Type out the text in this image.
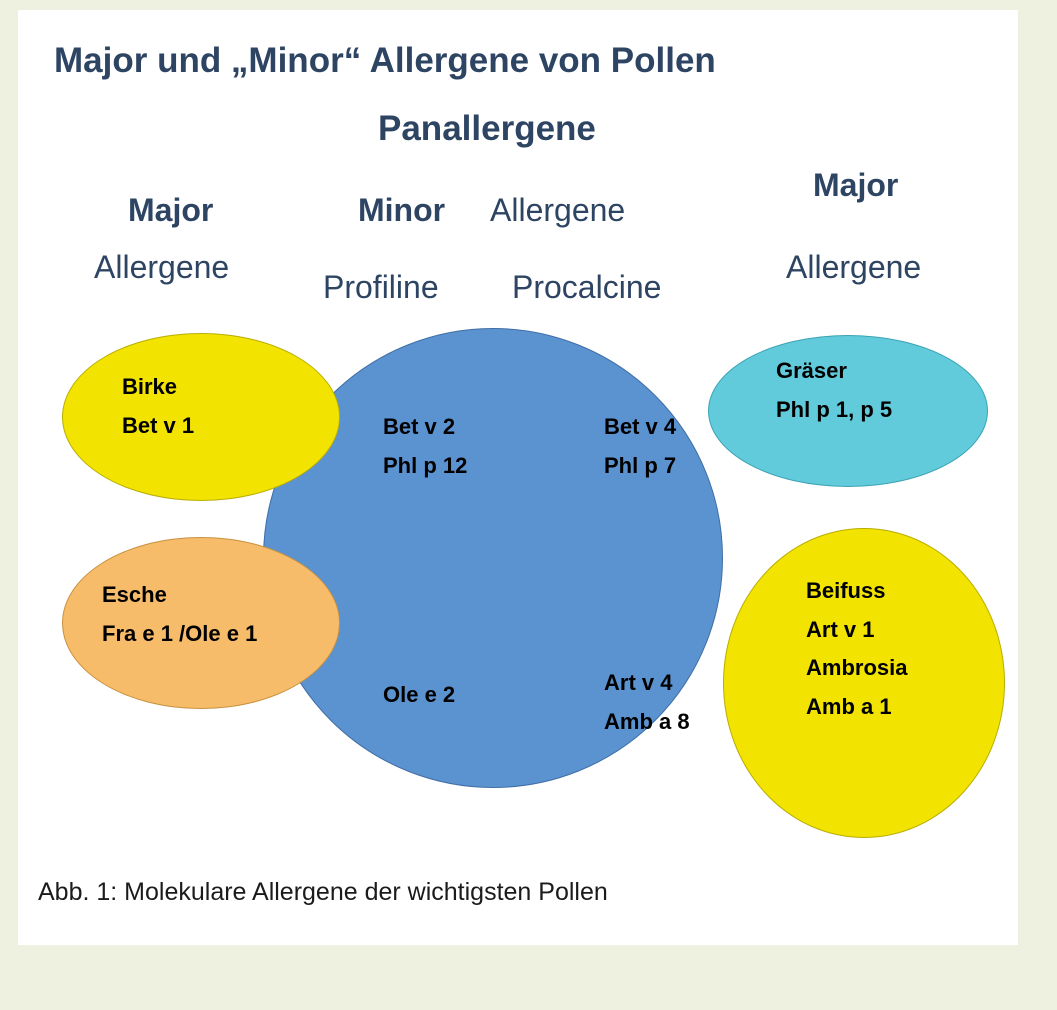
Major und „Minor“ Allergene von Pollen
Panallergene
Major
Allergene
Minor Allergene
Profiline Procalcine
Major
Allergene
Birke
Bet v 1
Esche
Fra e 1 /Ole e 1
Gräser
Phl p 1, p 5
Beifuss
Art v 1
Ambrosia
Amb a 1
Bet v 2
Phl p 12
Bet v 4
Phl p 7
Ole e 2	Art v 4
Amb a 8
Abb. 1: Molekulare Allergene der wichtigsten Pollen
